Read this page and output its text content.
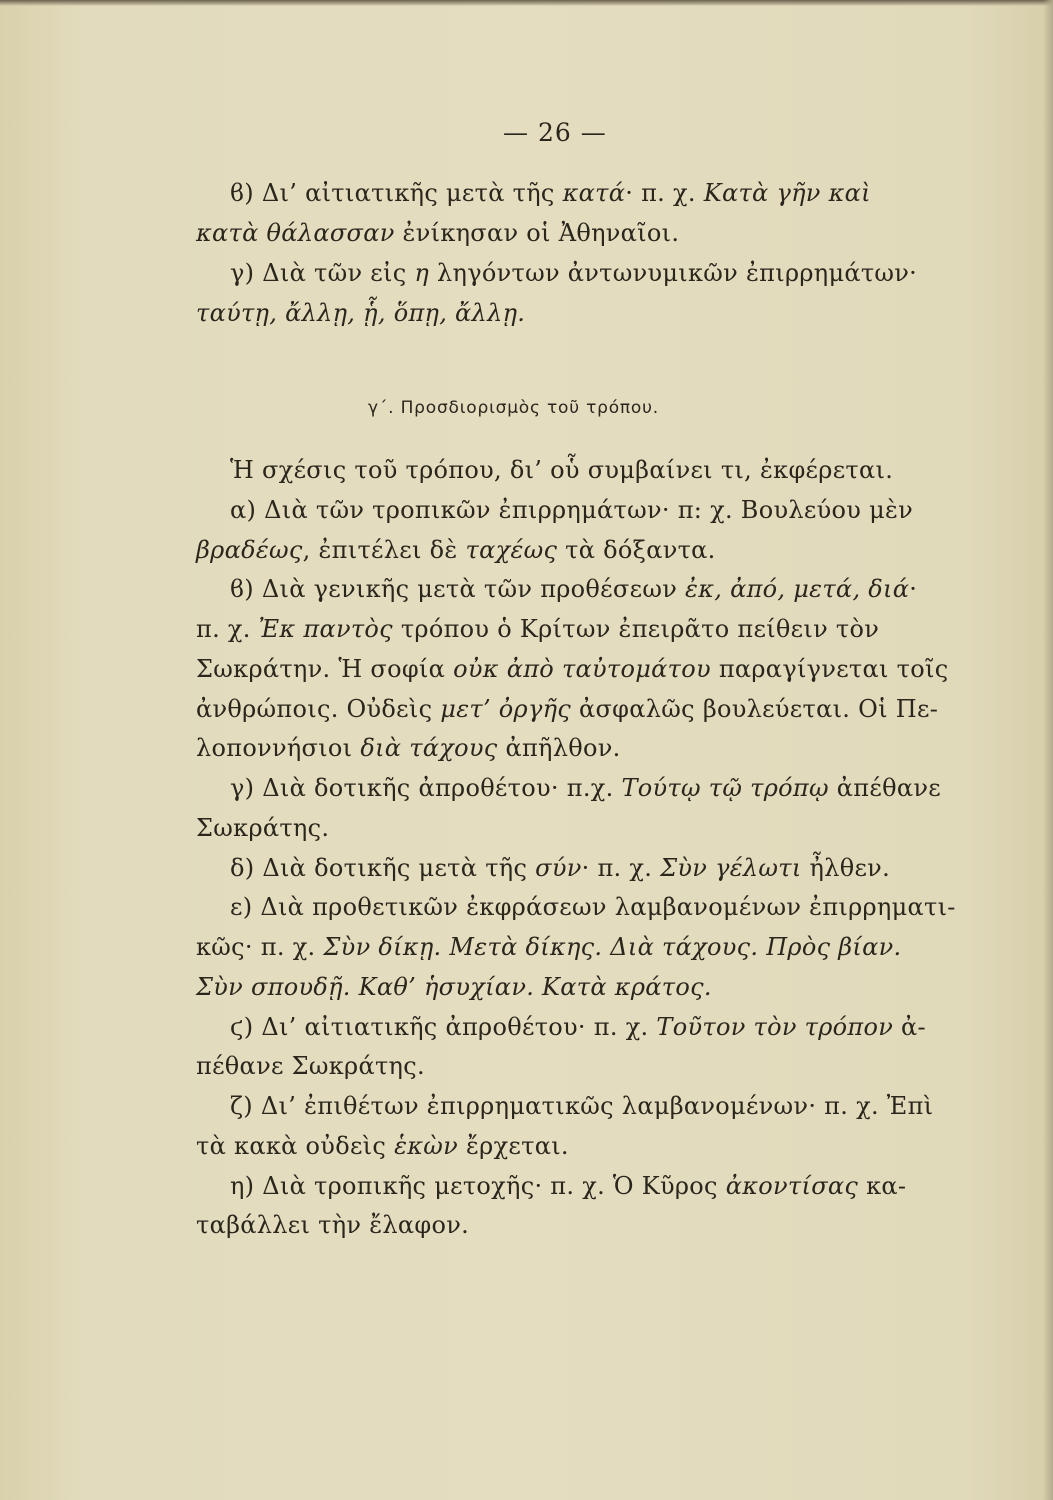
— 26 —
ϐ) Δι’ αἰτιατικῆς μετὰ τῆς κατά· π. χ. Κατὰ γῆν καὶ
κατὰ θάλασσαν ἐνίκησαν οἱ Ἀθηναῖοι.
γ) Διὰ τῶν εἰς η ληγόντων ἀντωνυμικῶν ἐπιρρημάτων·
ταύτῃ, ἄλλῃ, ᾗ, ὅπῃ, ἄλλῃ.
γ΄. Προσδιορισμὸς τοῦ τρόπου.
Ἡ σχέσις τοῦ τρόπου, δι’ οὗ συμβαίνει τι, ἐκφέρεται.
α) Διὰ τῶν τροπικῶν ἐπιρρημάτων· π: χ. Βουλεύου μὲν
βραδέως, ἐπιτέλει δὲ ταχέως τὰ δόξαντα.
ϐ) Διὰ γενικῆς μετὰ τῶν προθέσεων ἐκ, ἀπό, μετά, διά·
π. χ. Ἐκ παντὸς τρόπου ὁ Κρίτων ἐπειρᾶτο πείθειν τὸν
Σωκράτην. Ἡ σοφία οὐκ ἀπὸ ταὐτομάτου παραγίγνεται τοῖς
ἀνθρώποις. Οὐδεὶς μετ’ ὀργῆς ἀσφαλῶς βουλεύεται. Οἱ Πε-
λοποννήσιοι διὰ τάχους ἀπῆλθον.
γ) Διὰ δοτικῆς ἀπροθέτου· π.χ. Τούτῳ τῷ τρόπῳ ἀπέθανε
Σωκράτης.
δ) Διὰ δοτικῆς μετὰ τῆς σύν· π. χ. Σὺν γέλωτι ἦλθεν.
ε) Διὰ προθετικῶν ἐκφράσεων λαμβανομένων ἐπιρρηματι-
κῶς· π. χ. Σὺν δίκῃ. Μετὰ δίκης. Διὰ τάχους. Πρὸς βίαν.
Σὺν σπουδῇ. Καθ’ ἡσυχίαν. Κατὰ κράτος.
ϛ) Δι’ αἰτιατικῆς ἀπροθέτου· π. χ. Τοῦτον τὸν τρόπον ἀ-
πέθανε Σωκράτης.
ζ) Δι’ ἐπιθέτων ἐπιρρηματικῶς λαμβανομένων· π. χ. Ἐπὶ
τὰ κακὰ οὐδεὶς ἑκὼν ἔρχεται.
η) Διὰ τροπικῆς μετοχῆς· π. χ. Ὁ Κῦρος ἀκοντίσας κα-
ταβάλλει τὴν ἔλαφον.
